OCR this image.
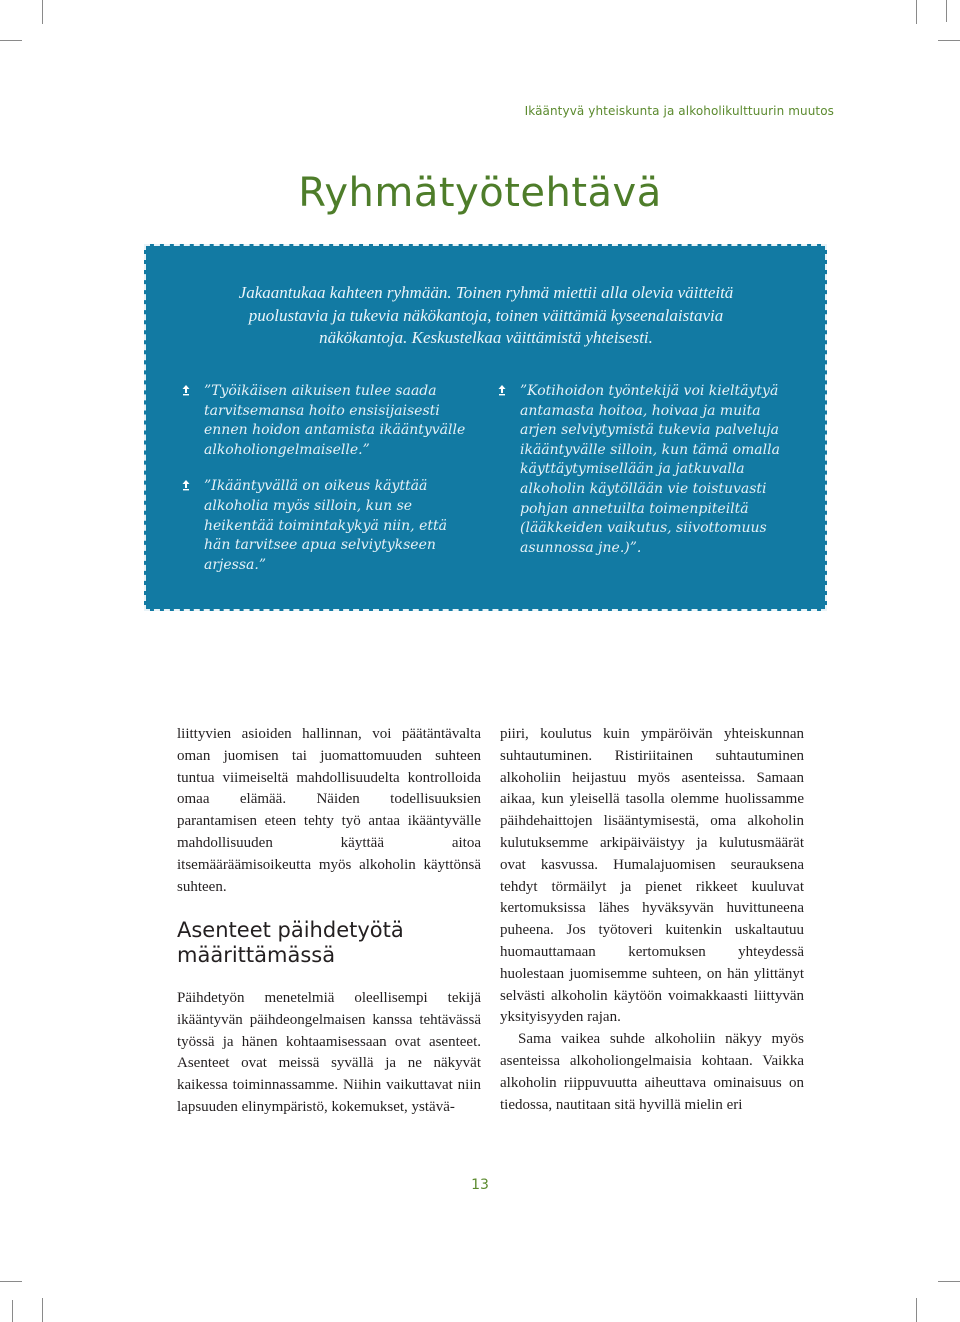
Ikääntyvä yhteiskunta ja alkoholikulttuurin muutos
Ryhmätyötehtävä
Jakaantukaa kahteen ryhmään. Toinen ryhmä miettii alla olevia väitteitä puolustavia ja tukevia näkökantoja, toinen väittämiä kyseenalaistavia näkökantoja. Keskustelkaa väittämistä yhteisesti.
”Työikäisen aikuisen tulee saada tarvitsemansa hoito ensisijaisesti ennen hoidon antamista ikääntyvälle alkoholiongelmaiselle.”
”Ikääntyvällä on oikeus käyttää alkoholia myös silloin, kun se heikentää toimintakykyä niin, että hän tarvitsee apua selviytykseen arjessa.”
”Kotihoidon työntekijä voi kieltäytyä antamasta hoitoa, hoivaa ja muita arjen selviytymistä tukevia palveluja ikääntyvälle silloin, kun tämä omalla käyttäytymisellään ja jatkuvalla alkoholin käytöllään vie toistuvasti pohjan annetuilta toimenpiteiltä (lääkkeiden vaikutus, siivottomuus asunnossa jne.)”.

liittyvien asioiden hallinnan, voi päätäntävalta oman juomisen tai juomattomuuden suhteen tuntua viimeiseltä mahdollisuudelta kontrolloida omaa elämää. Näiden todellisuuksien parantamisen eteen tehty työ antaa ikääntyvälle mahdollisuuden käyttää aitoa itsemääräämisoikeutta myös alkoholin käyttönsä suhteen.

Asenteet päihdetyötä määrittämässä

Päihdetyön menetelmiä oleellisempi tekijä ikääntyvän päihdeongelmaisen kanssa tehtävässä työssä ja hänen kohtaamisessaan ovat asenteet. Asenteet ovat meissä syvällä ja ne näkyvät kaikessa toiminnassamme. Niihin vaikuttavat niin lapsuuden elinympäristö, kokemukset, ystävä-

piiri, koulutus kuin ympäröivän yhteiskunnan suhtautuminen. Ristiriitainen suhtautuminen alkoholiin heijastuu myös asenteissa. Samaan aikaa, kun yleisellä tasolla olemme huolissamme päihdehaittojen lisääntymisestä, oma alkoholin kulutuksemme arkipäiväistyy ja kulutusmäärät ovat kasvussa. Humalajuomisen seurauksena tehdyt törmäilyt ja pienet rikkeet kuuluvat kertomuksissa lähes hyväksyvän huvittuneena puheena. Jos työtoveri kuitenkin uskaltautuu huomauttamaan kertomuksen yhteydessä huolestaan juomisemme suhteen, on hän ylittänyt selvästi alkoholin käytöön voimakkaasti liittyvän yksityisyyden rajan.

Sama vaikea suhde alkoholiin näkyy myös asenteissa alkoholiongelmaisia kohtaan. Vaikka alkoholin riippuvuutta aiheuttava ominaisuus on tiedossa, nautitaan sitä hyvillä mielin eri

13
